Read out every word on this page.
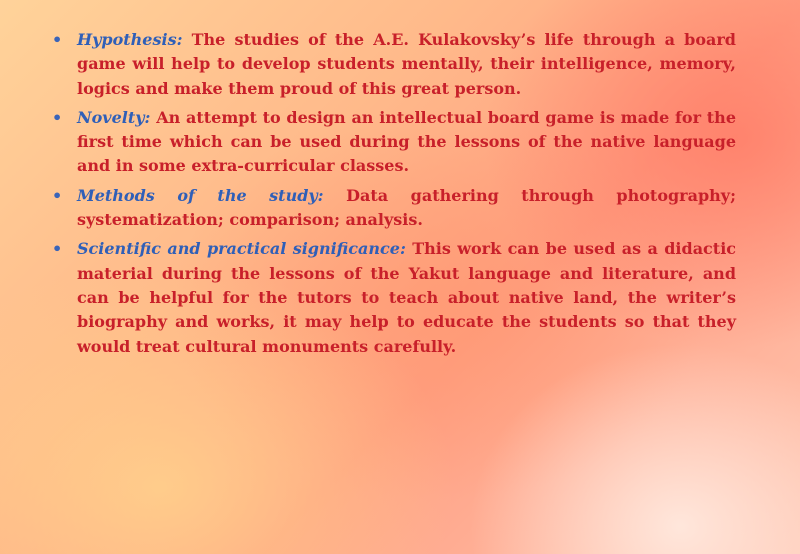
• Hypothesis: The studies of the A.E. Kulakovsky’s life through a board game will help to develop students mentally, their intelligence, memory, logics and make them proud of this great person.
• Novelty: An attempt to design an intellectual board game is made for the first time which can be used during the lessons of the native language and in some extra-curricular classes.
• Methods of the study: Data gathering through photography; systematization; comparison; analysis.
• Scientific and practical significance: This work can be used as a didactic material during the lessons of the Yakut language and literature, and can be helpful for the tutors to teach about native land, the writer’s biography and works, it may help to educate the students so that they would treat cultural monuments carefully.
